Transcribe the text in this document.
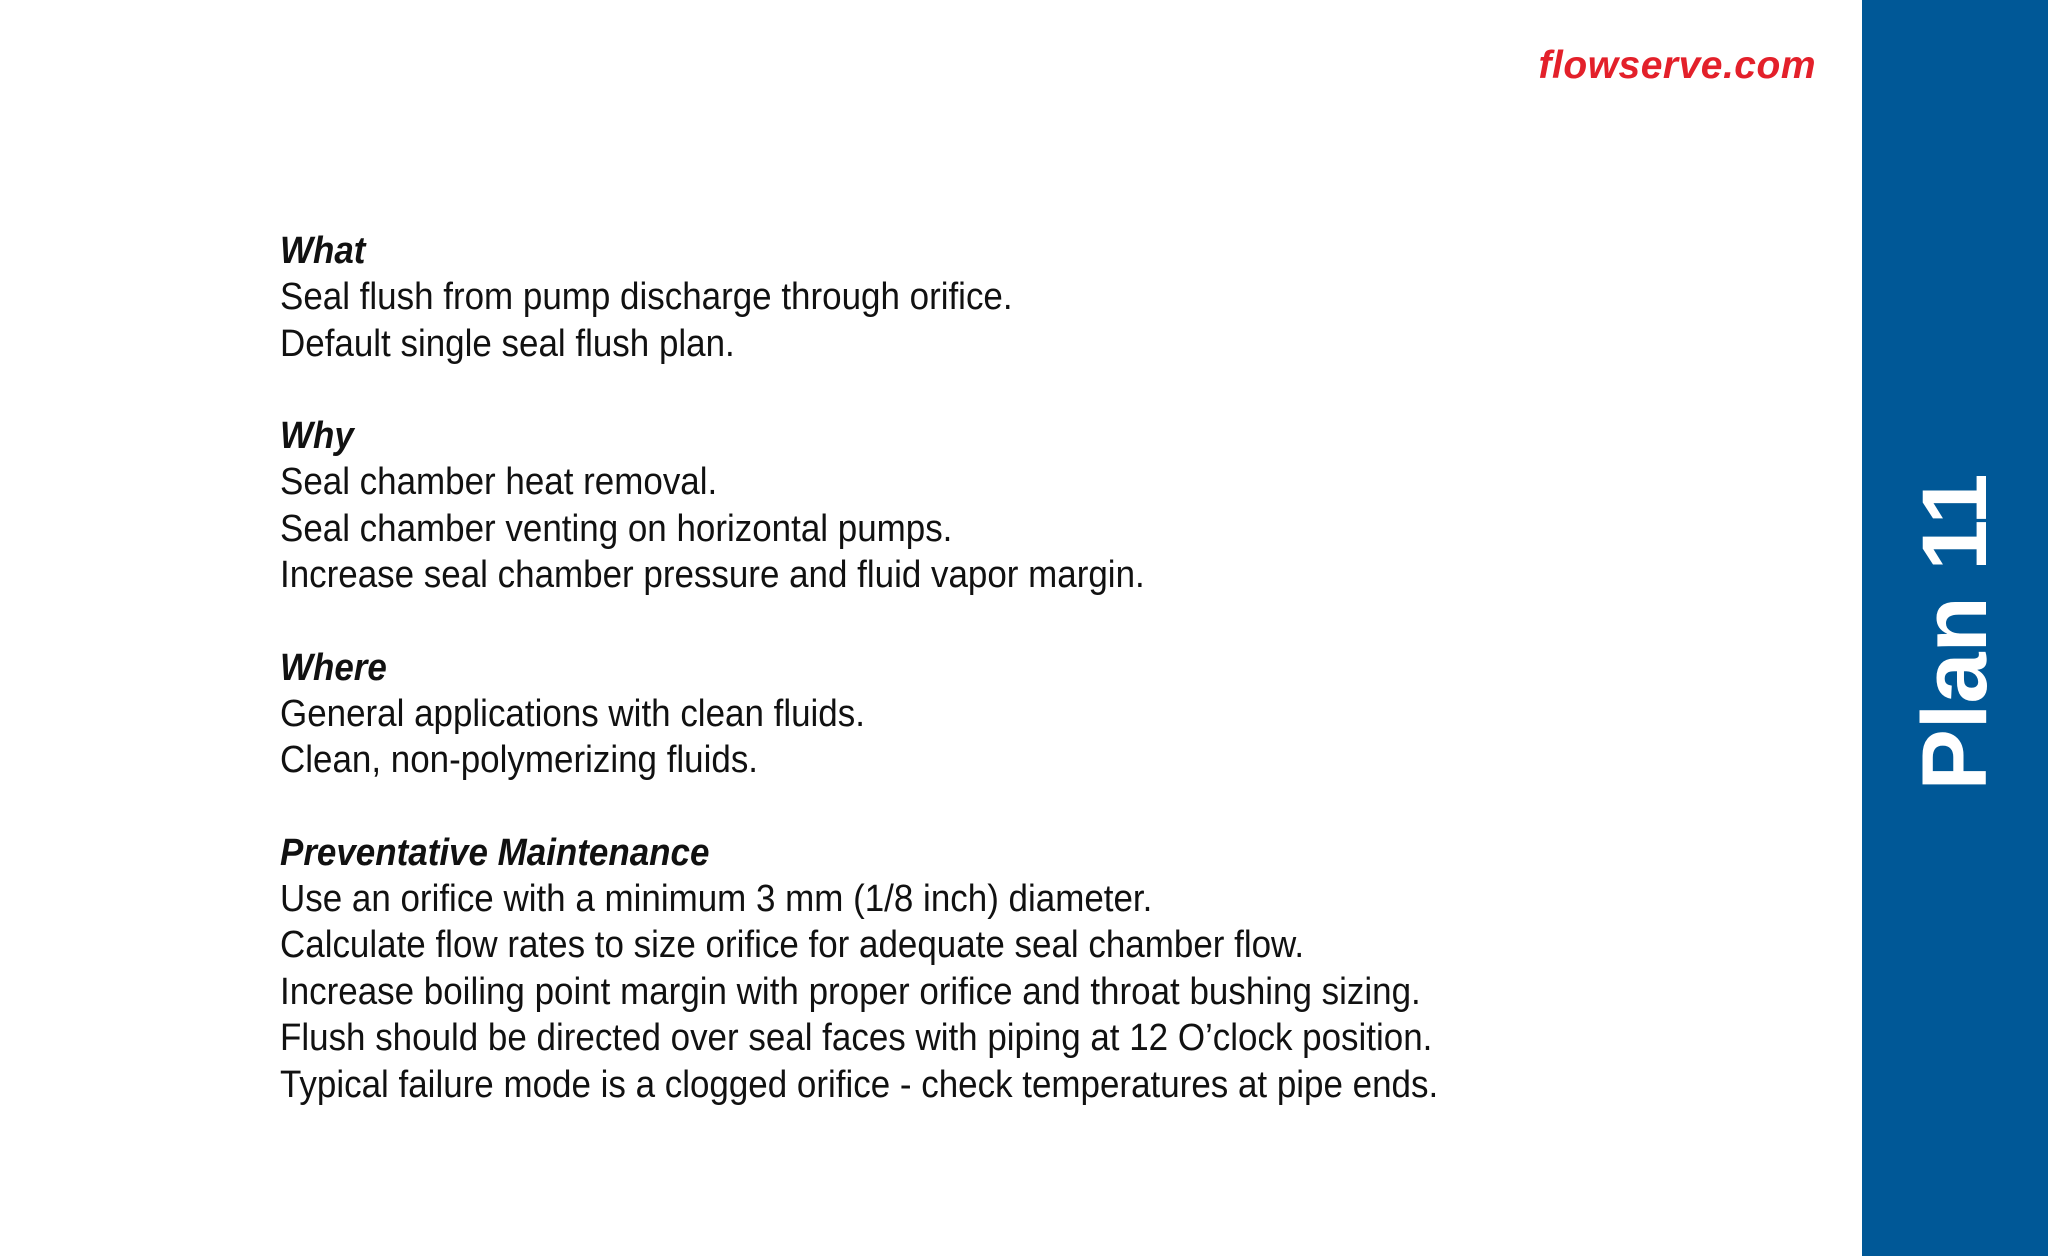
flowserve.com
What
Seal flush from pump discharge through orifice.
Default single seal flush plan.
Why
Seal chamber heat removal.
Seal chamber venting on horizontal pumps.
Increase seal chamber pressure and fluid vapor margin.
Where
General applications with clean fluids.
Clean, non-polymerizing fluids.
Preventative Maintenance
Use an orifice with a minimum 3 mm (1/8 inch) diameter.
Calculate flow rates to size orifice for adequate seal chamber flow.
Increase boiling point margin with proper orifice and throat bushing sizing.
Flush should be directed over seal faces with piping at 12 O’clock position.
Typical failure mode is a clogged orifice - check temperatures at pipe ends.
Plan 11
